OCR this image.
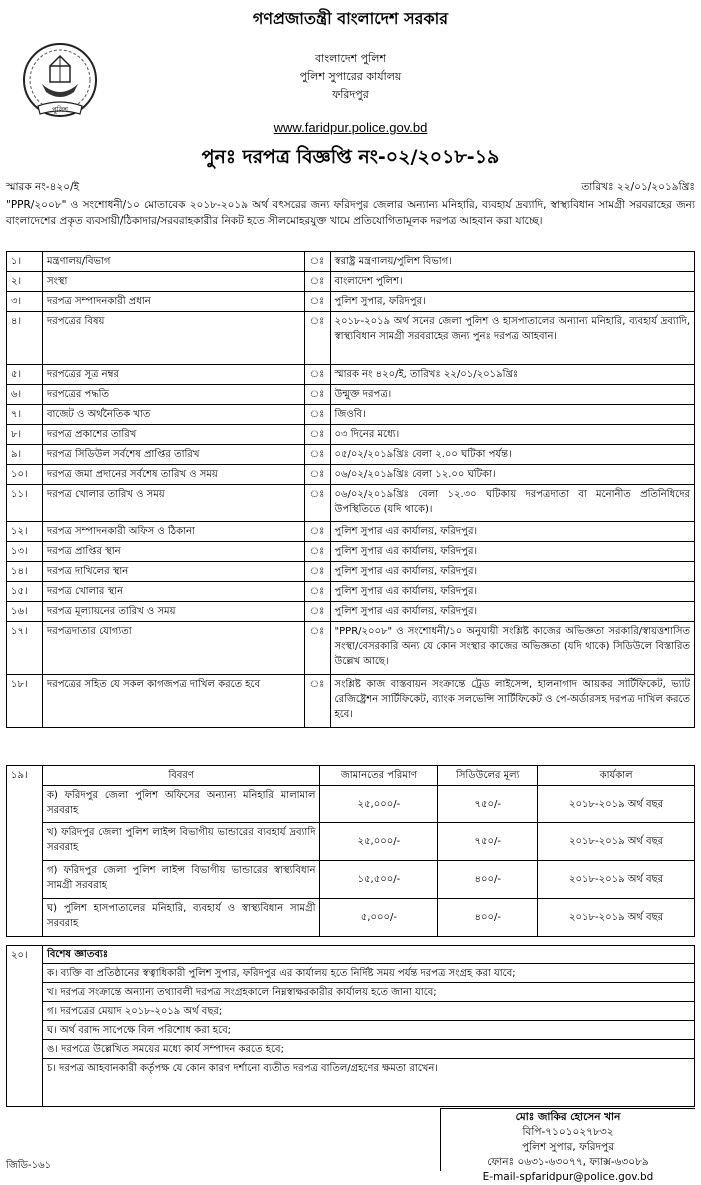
পুলিশ
গণপ্রজাতন্ত্রী বাংলাদেশ সরকার
বাংলাদেশ পুলিশ
পুলিশ সুপারের কার্যালয়
ফরিদপুর
www.faridpur.police.gov.bd
পুনঃ দরপত্র বিজ্ঞপ্তি নং-০২/২০১৮-১৯
স্মারক নং-৪২০/ই	তারিখঃ ২২/০১/২০১৯খ্রিঃ
"PPR/২০০৮" ও সংশোধনী/১০ মোতাবেক ২০১৮-২০১৯ অর্থ বৎসরের জন্য ফরিদপুর জেলার অন্যান্য মনিহারি, ব্যবহার্য দ্রব্যাদি, স্বাস্থ্যবিধান সামগ্রী সরবরাহের জন্য বাংলাদেশের প্রকৃত ব্যবসায়ী/ঠিকাদার/সরবরাহকারীর নিকট হতে সীলমোহরযুক্ত খামে প্রতিযোগিতামূলক দরপত্র আহবান করা যাচ্ছে।
১।	মন্ত্রণালয়/বিভাগ	ঃ	স্বরাষ্ট্র মন্ত্রণালয়/পুলিশ বিভাগ।
২।	সংস্থা	ঃ	বাংলাদেশ পুলিশ।
৩।	দরপত্র সম্পাদনকারী প্রধান	ঃ	পুলিশ সুপার, ফরিদপুর।
৪।	দরপত্রের বিষয়	ঃ	২০১৮-২০১৯ অর্থ সনের জেলা পুলিশ ও হাসপাতালের অন্যান্য মনিহারি, ব্যবহার্য দ্রব্যাদি, স্বাস্থ্যবিধান সামগ্রী সরবরাহের জন্য পুনঃ দরপত্র আহবান।
৫।	দরপত্রের সূত্র নম্বর	ঃ	স্মারক নং ৪২০/ই, তারিখঃ ২২/০১/২০১৯খ্রিঃ
৬।	দরপত্রের পদ্ধতি	ঃ	উন্মুক্ত দরপত্র।
৭।	বাজেট ও অর্থনৈতিক খাত	ঃ	জিওবি।
৮।	দরপত্র প্রকাশের তারিখ	ঃ	০৩ দিনের মধ্যে।
৯।	দরপত্র সিডিউল সর্বশেষ প্রাপ্তির তারিখ	ঃ	০৫/০২/২০১৯খ্রিঃ বেলা ২.০০ ঘটিকা পর্যন্ত।
১০।	দরপত্র জমা প্রদানের সর্বশেষ তারিখ ও সময়	ঃ	০৬/০২/২০১৯খ্রিঃ বেলা ১২.০০ ঘটিকা।
১১।	দরপত্র খোলার তারিখ ও সময়	ঃ	০৬/০২/২০১৯খ্রিঃ বেলা ১২.৩০ ঘটিকায় দরপত্রদাতা বা মনোনীত প্রতিনিধিদের উপস্থিতিতে (যদি থাকে)।
১২।	দরপত্র সম্পাদনকারী অফিস ও ঠিকানা	ঃ	পুলিশ সুপার এর কার্যালয়, ফরিদপুর।
১৩।	দরপত্র প্রাপ্তির স্থান	ঃ	পুলিশ সুপার এর কার্যালয়, ফরিদপুর।
১৪।	দরপত্র দাখিলের স্থান	ঃ	পুলিশ সুপার এর কার্যালয়, ফরিদপুর।
১৫।	দরপত্র খোলার স্থান	ঃ	পুলিশ সুপার এর কার্যালয়, ফরিদপুর।
১৬।	দরপত্র মূল্যায়নের তারিখ ও সময়	ঃ	পুলিশ সুপার এর কার্যালয়, ফরিদপুর।
১৭।	দরপত্রদাতার যোগ্যতা	ঃ	"PPR/২০০৮" ও সংশোধনী/১০ অনুযায়ী সংশ্লিষ্ট কাজের অভিজ্ঞতা সরকারি/স্বায়ত্তশাসিত সংস্থা/বেসরকারি অন্য যে কোন সংস্থার কাজের অভিজ্ঞতা (যদি থাকে) সিডিউলে বিস্তারিত উল্লেখ আছে।
১৮।	দরপত্রের সহিত যে সকল কাগজপত্র দাখিল করতে হবে	ঃ	সংশ্লিষ্ট কাজ বাস্তবায়ন সংক্রান্তে ট্রেড লাইসেন্স, হালনাগাদ আয়কর সার্টিফিকেট, ভ্যাট রেজিষ্ট্রেশন সার্টিফিকেট, ব্যাংক সলভেন্সি সার্টিফিকেট ও পে-অর্ডারসহ দরপত্র দাখিল করতে হবে।
১৯।	বিবরণ	জামানতের পরিমাণ	সিডিউলের মূল্য	কার্যকাল
	ক) ফরিদপুর জেলা পুলিশ অফিসের অন্যান্য মনিহারি মালামাল সরবরাহ	২৫,০০০/-	৭৫০/-	২০১৮-২০১৯ অর্থ বছর
	খ) ফরিদপুর জেলা পুলিশ লাইন্স বিভাগীয় ভান্ডারের ব্যবহার্য দ্রব্যাদি সরবরাহ	২৫,০০০/-	৭৫০/-	২০১৮-২০১৯ অর্থ বছর
	গ) ফরিদপুর জেলা পুলিশ লাইন্স বিভাগীয় ভান্ডারের স্বাস্থ্যবিধান সামগ্রী সরবরাহ	১৫,৫০০/-	৪০০/-	২০১৮-২০১৯ অর্থ বছর
	ঘ) পুলিশ হাসপাতালের মনিহারি, ব্যবহার্য ও স্বাস্থ্যবিধান সামগ্রী সরবরাহ	৫,০০০/-	৪০০/-	২০১৮-২০১৯ অর্থ বছর
২০।	বিশেষ জ্ঞাতব্যঃ
ক। ব্যক্তি বা প্রতিষ্ঠানের স্বত্বাধিকারী পুলিশ সুপার, ফরিদপুর এর কার্যালয় হতে নির্দিষ্ট সময় পর্যন্ত দরপত্র সংগ্রহ করা যাবে;
খ। দরপত্র সংক্রান্তে অন্যান্য তথ্যাবলী দরপত্র সংগ্রহকালে নিম্নস্বাক্ষরকারীর কার্যালয় হতে জানা যাবে;
গ। দরপত্রের মেয়াদ ২০১৮-২০১৯ অর্থ বছর;
ঘ। অর্থ বরাদ্দ সাপেক্ষে বিল পরিশোধ করা হবে;
ঙ। দরপত্রে উল্লেখিত সময়ের মধ্যে কার্য সম্পাদন করতে হবে;
চ। দরপত্র আহবানকারী কর্তৃপক্ষ যে কোন কারণ দর্শানো ব্যতীত দরপত্র বাতিল/গ্রহণের ক্ষমতা রাখেন।
মোঃ জাকির হোসেন খান
বিপি-৭১০১০২৭৮৩২
পুলিশ সুপার, ফরিদপুর
ফোনঃ ০৬৩১-৬৩০৭৭, ফ্যাক্স-৬৩০৮৯
E-mail-spfaridpur@police.gov.bd
জিডি-১৬১
